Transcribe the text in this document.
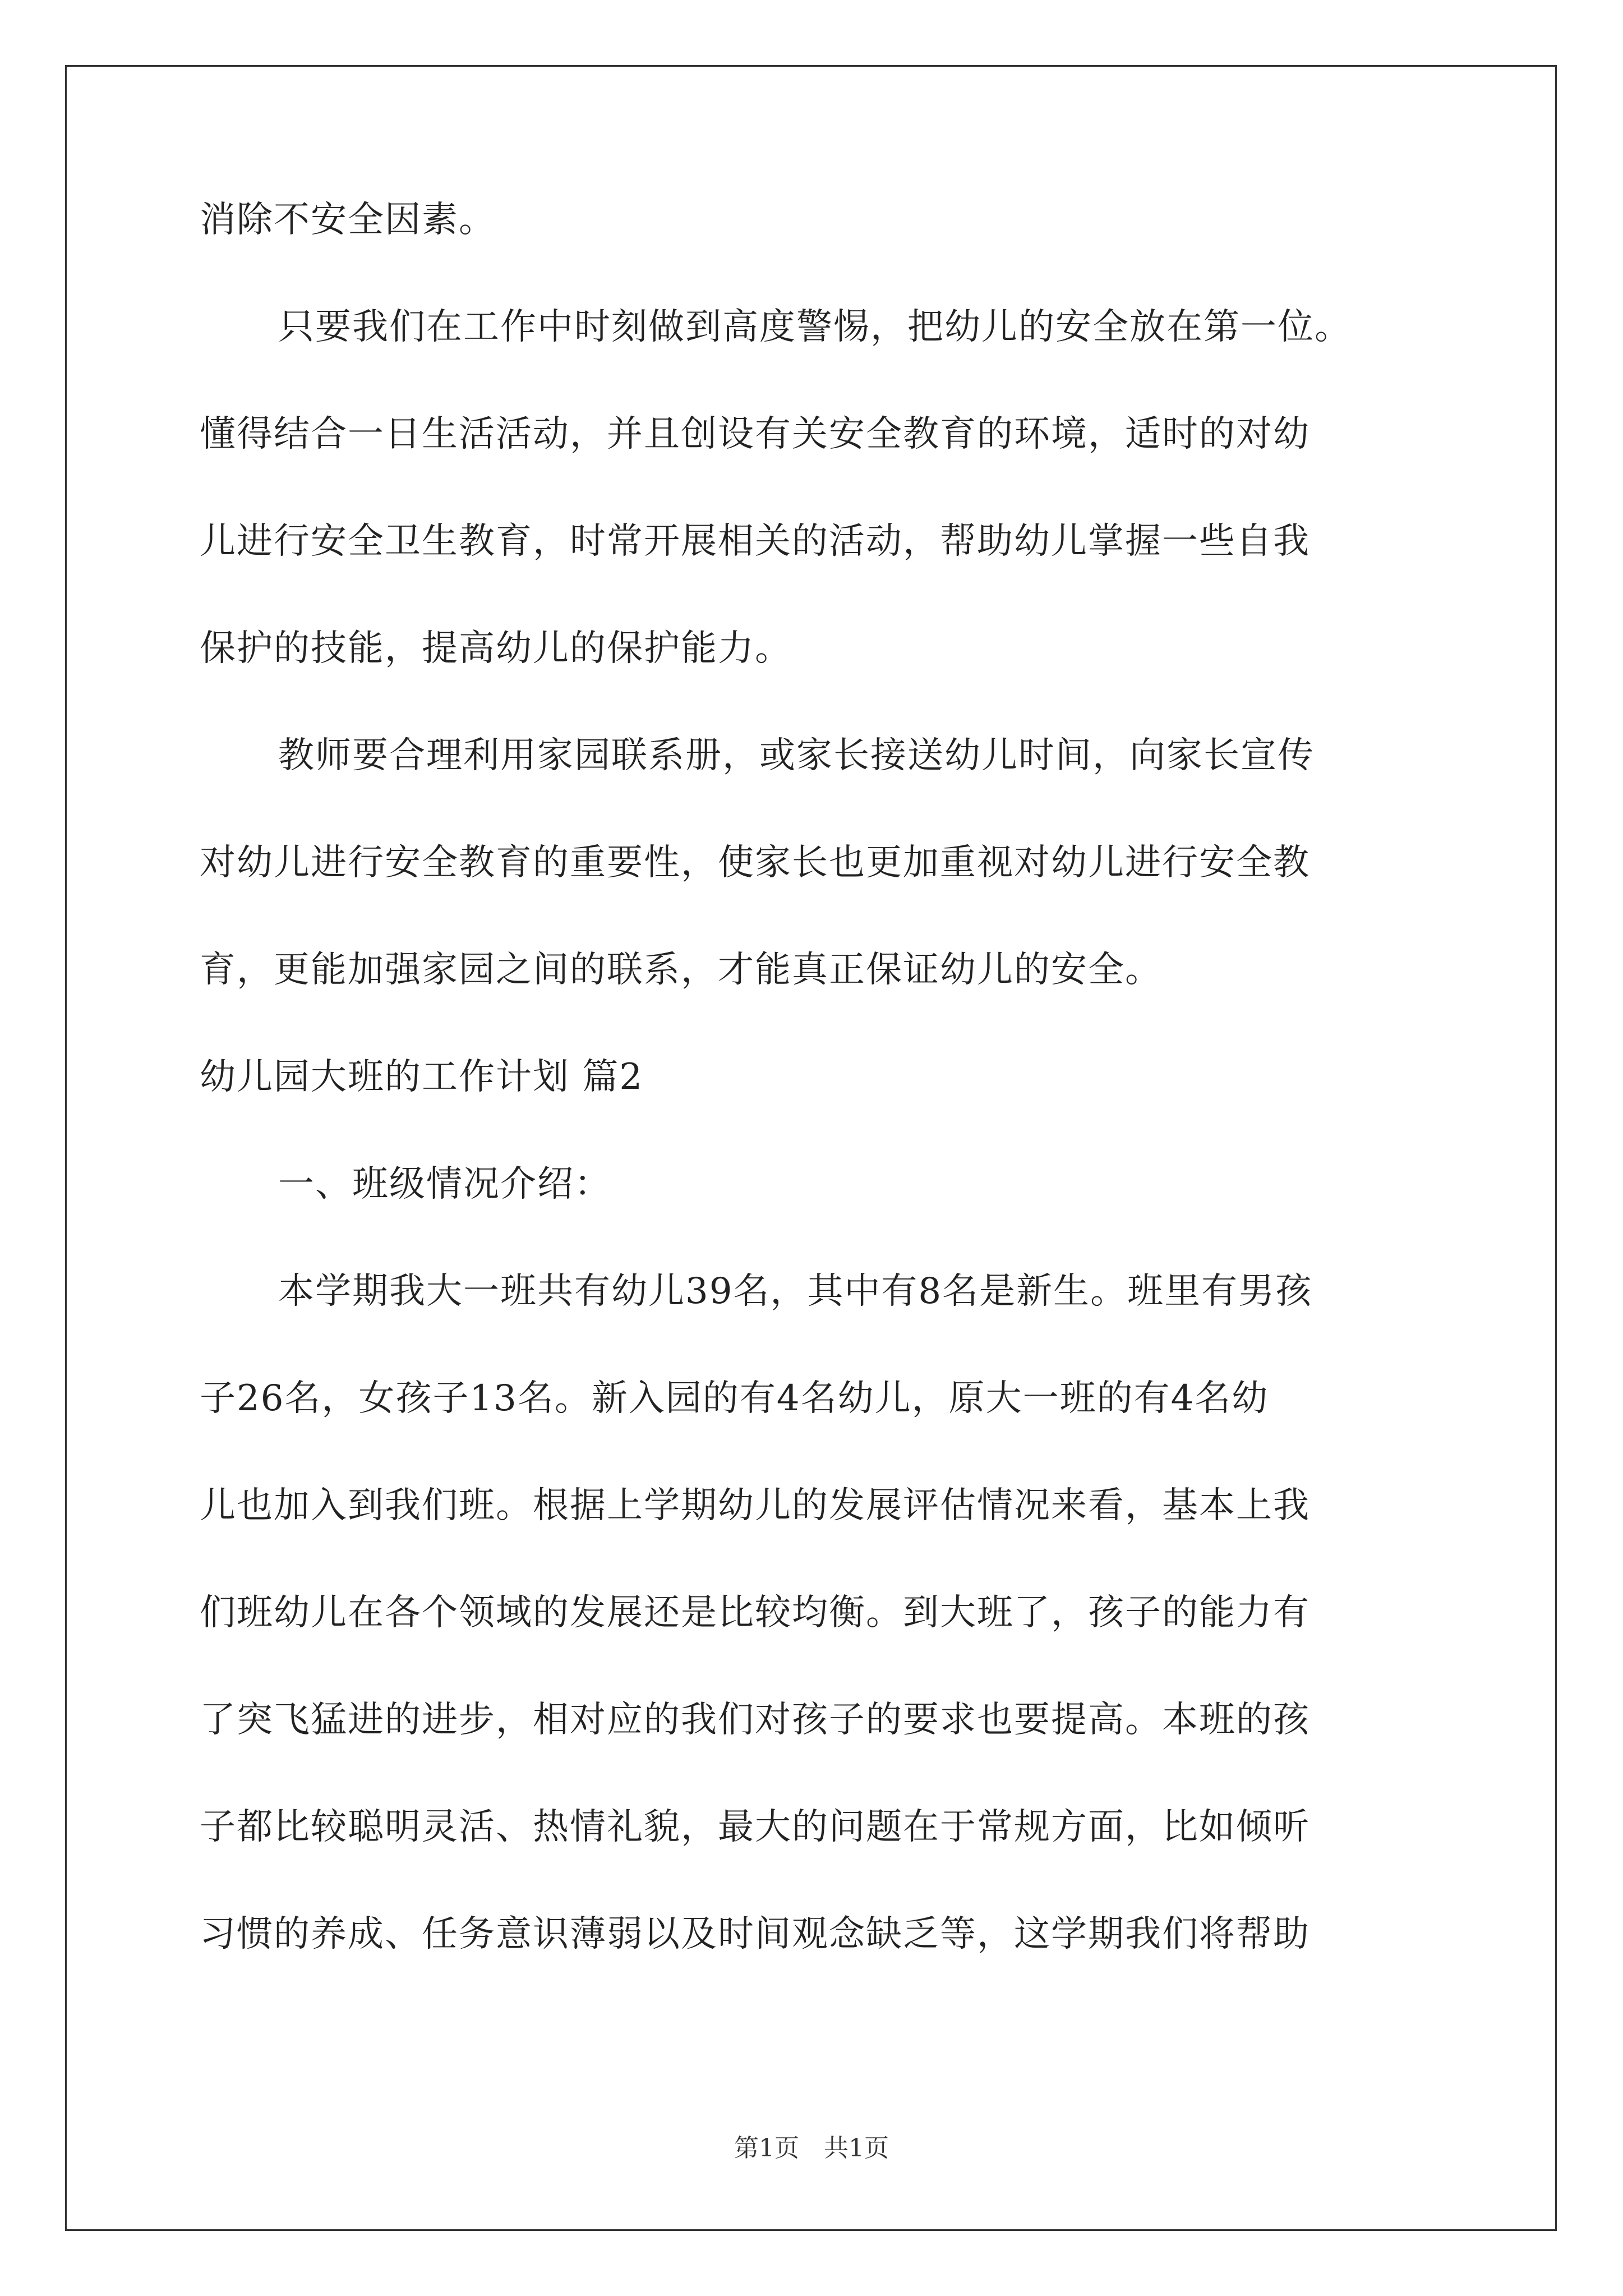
消除不安全因素。
只要我们在工作中时刻做到高度警惕，把幼儿的安全放在第一位。
懂得结合一日生活活动，并且创设有关安全教育的环境，适时的对幼
儿进行安全卫生教育，时常开展相关的活动，帮助幼儿掌握一些自我
保护的技能，提高幼儿的保护能力。
教师要合理利用家园联系册，或家长接送幼儿时间，向家长宣传
对幼儿进行安全教育的重要性，使家长也更加重视对幼儿进行安全教
育，更能加强家园之间的联系，才能真正保证幼儿的安全。
幼儿园大班的工作计划 篇2
一、班级情况介绍：
本学期我大一班共有幼儿39名，其中有8名是新生。班里有男孩
子26名，女孩子13名。新入园的有4名幼儿，原大一班的有4名幼
儿也加入到我们班。根据上学期幼儿的发展评估情况来看，基本上我
们班幼儿在各个领域的发展还是比较均衡。到大班了，孩子的能力有
了突飞猛进的进步，相对应的我们对孩子的要求也要提高。本班的孩
子都比较聪明灵活、热情礼貌，最大的问题在于常规方面，比如倾听
习惯的养成、任务意识薄弱以及时间观念缺乏等，这学期我们将帮助
第1页　共1页
